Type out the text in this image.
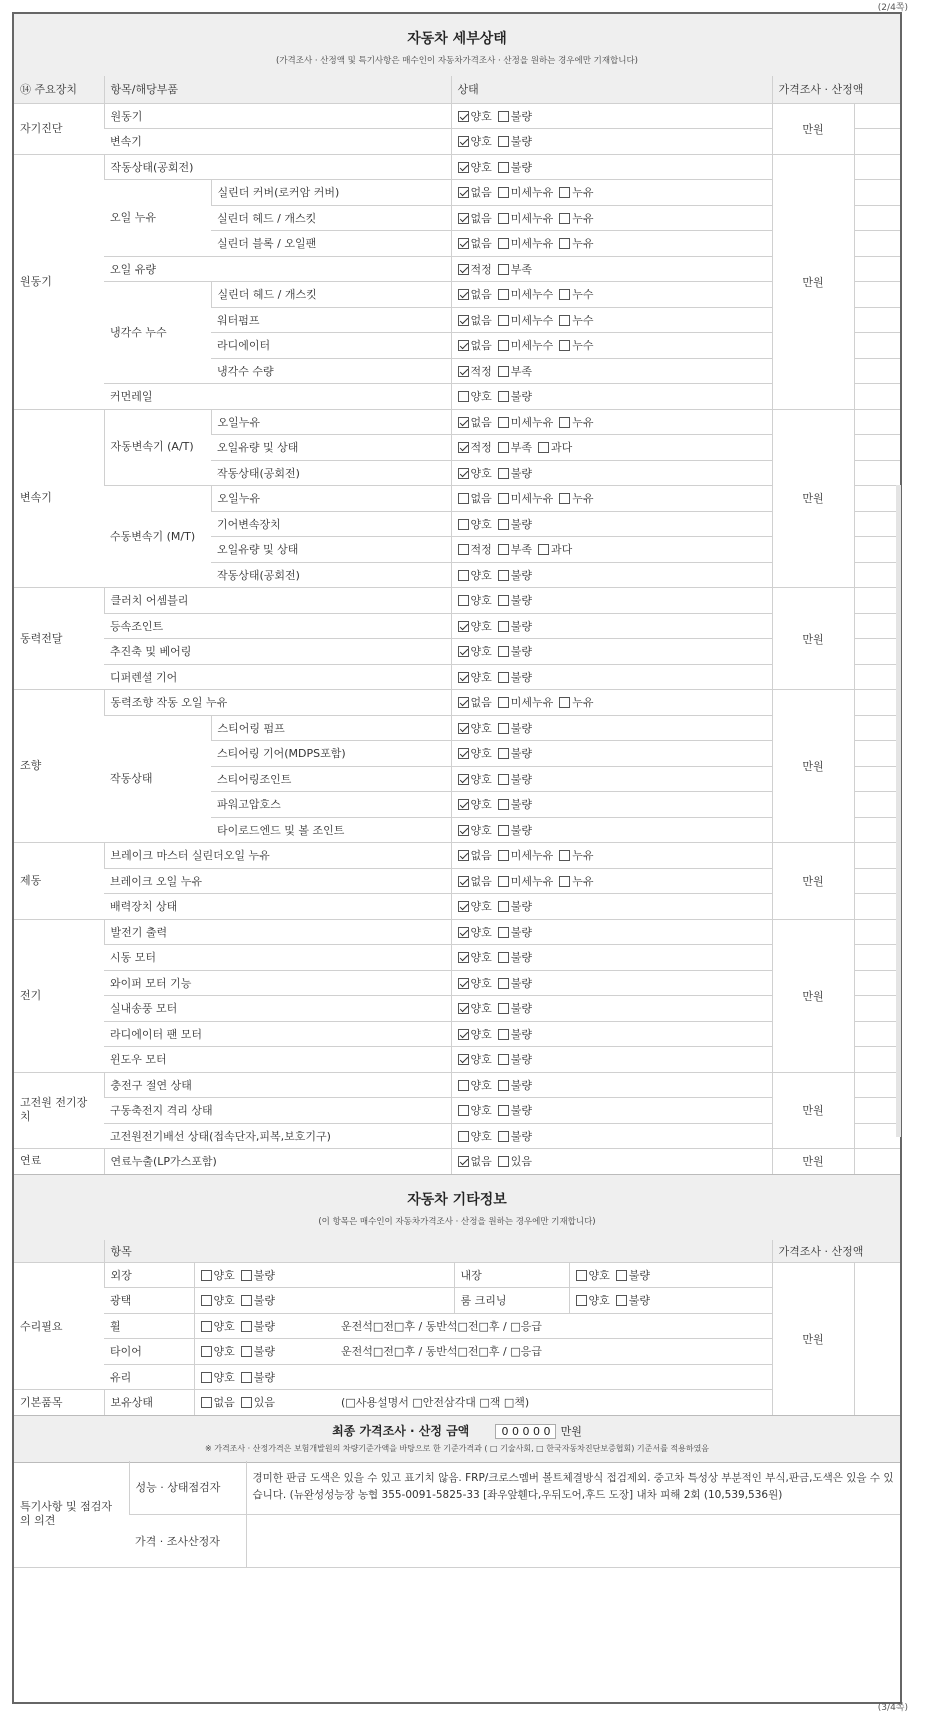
(2/4쪽)
자동차 세부상태
(가격조사 · 산정액 및 특기사항은 매수인이 자동차가격조사 · 산정을 원하는 경우에만 기재합니다)
⑭ 주요장치	항목/해당부품		상태	가격조사 · 산정액	
자기진단	원동기		양호 불량	만원	
	변속기		양호 불량		
원동기	작동상태(공회전)		양호 불량	만원	
	오일 누유	실린더 커버(로커암 커버)	없음 미세누유 누유		
		실린더 헤드 / 개스킷	없음 미세누유 누유		
		실린더 블록 / 오일팬	없음 미세누유 누유		
	오일 유량		적정 부족		
	냉각수 누수	실린더 헤드 / 개스킷	없음 미세누수 누수		
		워터펌프	없음 미세누수 누수		
		라디에이터	없음 미세누수 누수		
		냉각수 수량	적정 부족		
	커먼레일		양호 불량		
변속기	자동변속기 (A/T)	오일누유	없음 미세누유 누유	만원	
		오일유량 및 상태	적정 부족 과다		
		작동상태(공회전)	양호 불량		
	수동변속기 (M/T)	오일누유	없음 미세누유 누유		
		기어변속장치	양호 불량		
		오일유량 및 상태	적정 부족 과다		
		작동상태(공회전)	양호 불량		
동력전달	클러치 어셈블리		양호 불량	만원	
	등속조인트		양호 불량		
	추진축 및 베어링		양호 불량		
	디퍼렌셜 기어		양호 불량		
조향	동력조향 작동 오일 누유		없음 미세누유 누유	만원	
	작동상태	스티어링 펌프	양호 불량		
		스티어링 기어(MDPS포함)	양호 불량		
		스티어링조인트	양호 불량		
		파워고압호스	양호 불량		
		타이로드엔드 및 볼 조인트	양호 불량		
제동	브레이크 마스터 실린더오일 누유		없음 미세누유 누유	만원	
	브레이크 오일 누유		없음 미세누유 누유		
	배력장치 상태		양호 불량		
전기	발전기 출력		양호 불량	만원	
	시동 모터		양호 불량		
	와이퍼 모터 기능		양호 불량		
	실내송풍 모터		양호 불량		
	라디에이터 팬 모터		양호 불량		
	윈도우 모터		양호 불량		
고전원 전기장치	충전구 절연 상태		양호 불량	만원	
	구동축전지 격리 상태		양호 불량		
	고전원전기배선 상태(접속단자,피복,보호기구)		양호 불량		
연료	연료누출(LP가스포함)		없음 있음	만원	
자동차 기타정보
(이 항목은 매수인이 자동차가격조사 · 산정을 원하는 경우에만 기재합니다)
	항목				가격조사 · 산정액	
수리필요	외장	양호 불량	내장	양호 불량	만원	
	광택	양호 불량	룸 크리닝	양호 불량		
	휠	양호 불량 운전석□전□후 / 동반석□전□후 / □응급				
	타이어	양호 불량 운전석□전□후 / 동반석□전□후 / □응급				
	유리	양호 불량				
기본품목	보유상태	없음 있음 (□사용설명서 □안전삼각대 □잭 □책)				
최종 가격조사 · 산정 금액	0 0 0 0 0 만원
※ 가격조사 · 산정가격은 보험개발원의 차량기준가액을 바탕으로 한 기준가격과 ( □ 기술사회, □ 한국자동차진단보증협회) 기준서를 적용하였음
특기사항 및 점검자의 의견	성능 · 상태점검자	경미한 판금 도색은 있을 수 있고 표기치 않음. FRP/크로스멤버 볼트체결방식 접검제외. 중고차 특성상 부분적인 부식,판금,도색은 있을 수 있습니다. (뉴완성성능장 농협 355-0091-5825-33 [좌우앞휀다,우뒤도어,후드 도장] 내차 피해 2회 (10,539,536원)
	가격 · 조사산정자	
(3/4쪽)
